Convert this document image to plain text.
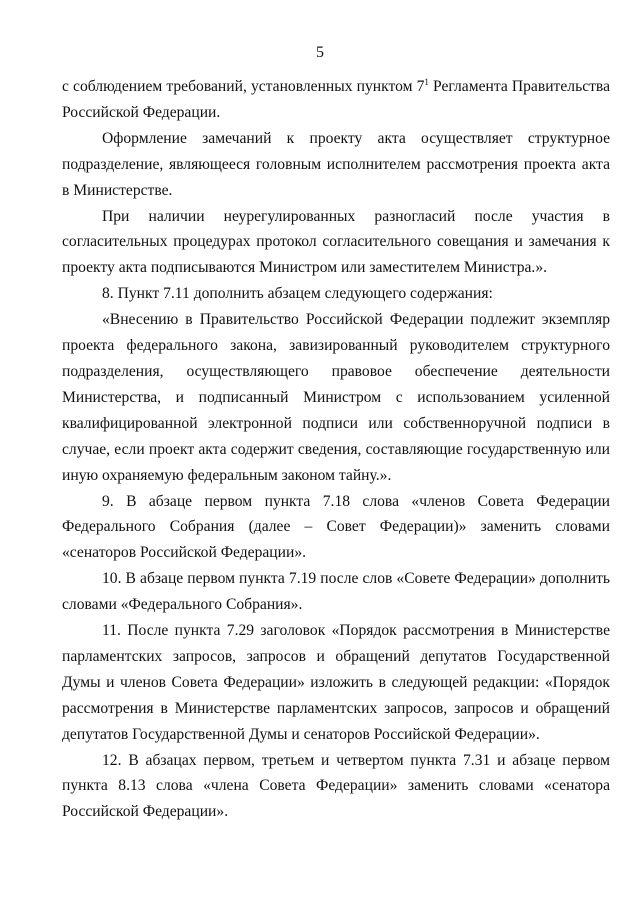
5

с соблюдением требований, установленных пунктом $7^1$ Регламента Правительства Российской Федерации.

Оформление замечаний к проекту акта осуществляет структурное подразделение, являющееся головным исполнителем рассмотрения проекта акта в Министерстве.

При наличии неурегулированных разногласий после участия в согласительных процедурах протокол согласительного совещания и замечания к проекту акта подписываются Министром или заместителем Министра.».

8. Пункт 7.11 дополнить абзацем следующего содержания:

«Внесению в Правительство Российской Федерации подлежит экземпляр проекта федерального закона, завизированный руководителем структурного подразделения, осуществляющего правовое обеспечение деятельности Министерства, и подписанный Министром с использованием усиленной квалифицированной электронной подписи или собственноручной подписи в случае, если проект акта содержит сведения, составляющие государственную или иную охраняемую федеральным законом тайну.».

9. В абзаце первом пункта 7.18 слова «членов Совета Федерации Федерального Собрания (далее – Совет Федерации)» заменить словами «сенаторов Российской Федерации».

10. В абзаце первом пункта 7.19 после слов «Совете Федерации» дополнить словами «Федерального Собрания».

11. После пункта 7.29 заголовок «Порядок рассмотрения в Министерстве парламентских запросов, запросов и обращений депутатов Государственной Думы и членов Совета Федерации» изложить в следующей редакции: «Порядок рассмотрения в Министерстве парламентских запросов, запросов и обращений депутатов Государственной Думы и сенаторов Российской Федерации».

12. В абзацах первом, третьем и четвертом пункта 7.31 и абзаце первом пункта 8.13 слова «члена Совета Федерации» заменить словами «сенатора Российской Федерации».
